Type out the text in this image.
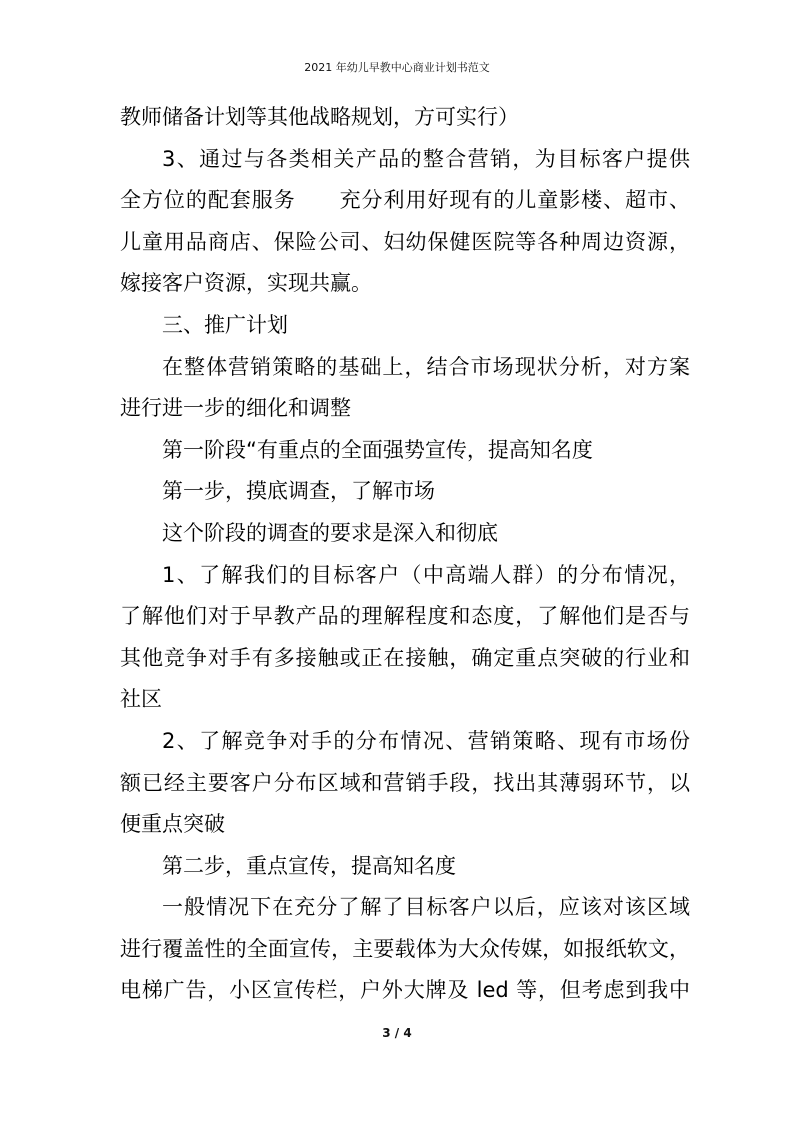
2021 年幼儿早教中心商业计划书范文
教师储备计划等其他战略规划，方可实行）
3、通过与各类相关产品的整合营销，为目标客户提供
全方位的配套服务　　充分利用好现有的儿童影楼、超市、
儿童用品商店、保险公司、妇幼保健医院等各种周边资源，
嫁接客户资源，实现共赢。
三、推广计划
在整体营销策略的基础上，结合市场现状分析，对方案
进行进一步的细化和调整
第一阶段“有重点的全面强势宣传，提高知名度
第一步，摸底调查，了解市场
这个阶段的调查的要求是深入和彻底
1、了解我们的目标客户（中高端人群）的分布情况，
了解他们对于早教产品的理解程度和态度，了解他们是否与
其他竞争对手有多接触或正在接触，确定重点突破的行业和
社区
2、了解竞争对手的分布情况、营销策略、现有市场份
额已经主要客户分布区域和营销手段，找出其薄弱环节，以
便重点突破
第二步，重点宣传，提高知名度
一般情况下在充分了解了目标客户以后，应该对该区域
进行覆盖性的全面宣传，主要载体为大众传媒，如报纸软文，
电梯广告，小区宣传栏，户外大牌及 led 等，但考虑到我中
3 / 4
